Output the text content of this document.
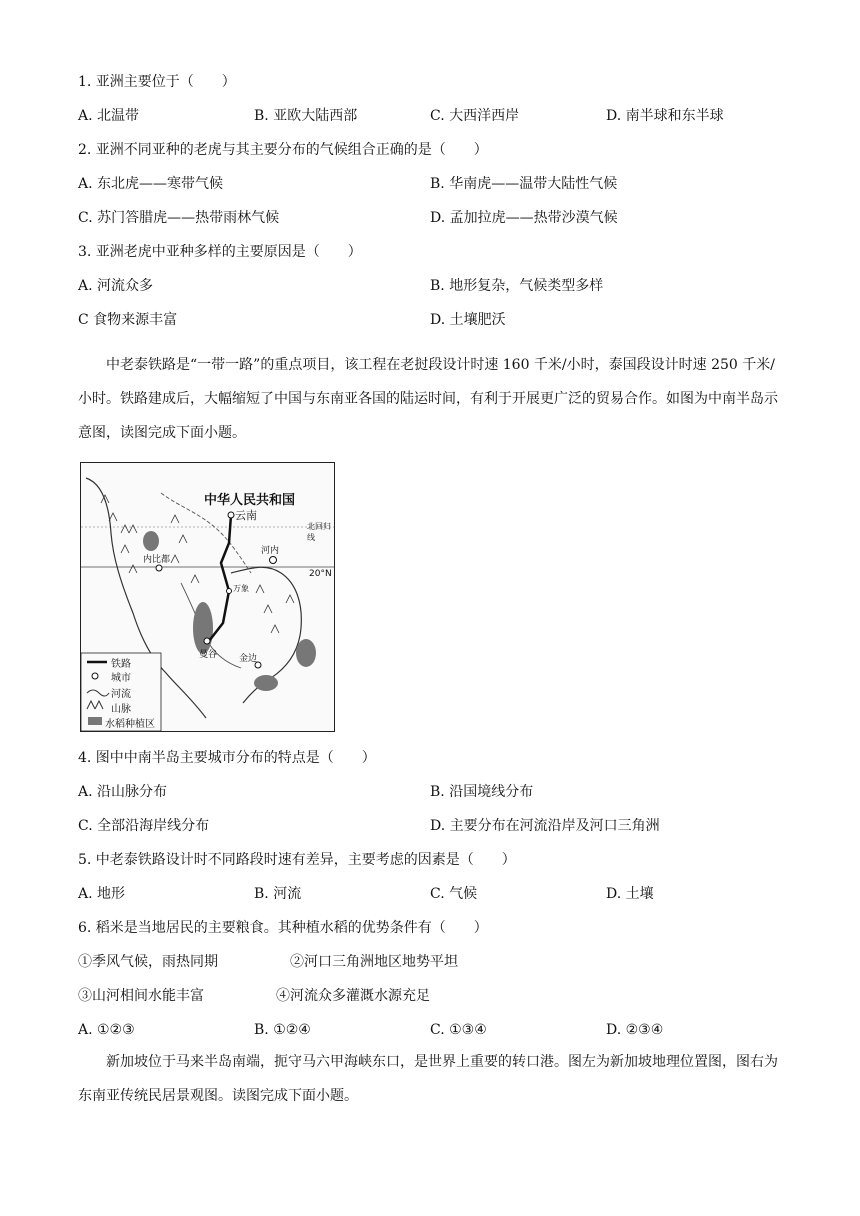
1. 亚洲主要位于（　　）
A. 北温带	B. 亚欧大陆西部	C. 大西洋西岸	D. 南半球和东半球
2. 亚洲不同亚种的老虎与其主要分布的气候组合正确的是（　　）
A. 东北虎——寒带气候	B. 华南虎——温带大陆性气候
C. 苏门答腊虎——热带雨林气候	D. 孟加拉虎——热带沙漠气候
3. 亚洲老虎中亚种多样的主要原因是（　　）
A. 河流众多	B. 地形复杂，气候类型多样
C 食物来源丰富	D. 土壤肥沃
中老泰铁路是“一带一路”的重点项目，该工程在老挝段设计时速 160 千米/小时，泰国段设计时速 250 千米/小时。铁路建成后，大幅缩短了中国与东南亚各国的陆运时间，有利于开展更广泛的贸易合作。如图为中南半岛示意图，读图完成下面小题。
中华人民共和国
云南
河内
内比都
曼谷 金边
万象
北回归线
20°N
铁路
城市
河流
山脉
水稻种植区
4. 图中中南半岛主要城市分布的特点是（　　）
A. 沿山脉分布	B. 沿国境线分布
C. 全部沿海岸线分布	D. 主要分布在河流沿岸及河口三角洲
5. 中老泰铁路设计时不同路段时速有差异，主要考虑的因素是（　　）
A. 地形	B. 河流	C. 气候	D. 土壤
6. 稻米是当地居民的主要粮食。其种植水稻的优势条件有（　　）
①季风气候，雨热同期	②河口三角洲地区地势平坦
③山河相间水能丰富	④河流众多灌溉水源充足
A. ①②③	B. ①②④	C. ①③④	D. ②③④
新加坡位于马来半岛南端，扼守马六甲海峡东口，是世界上重要的转口港。图左为新加坡地理位置图，图右为东南亚传统民居景观图。读图完成下面小题。
